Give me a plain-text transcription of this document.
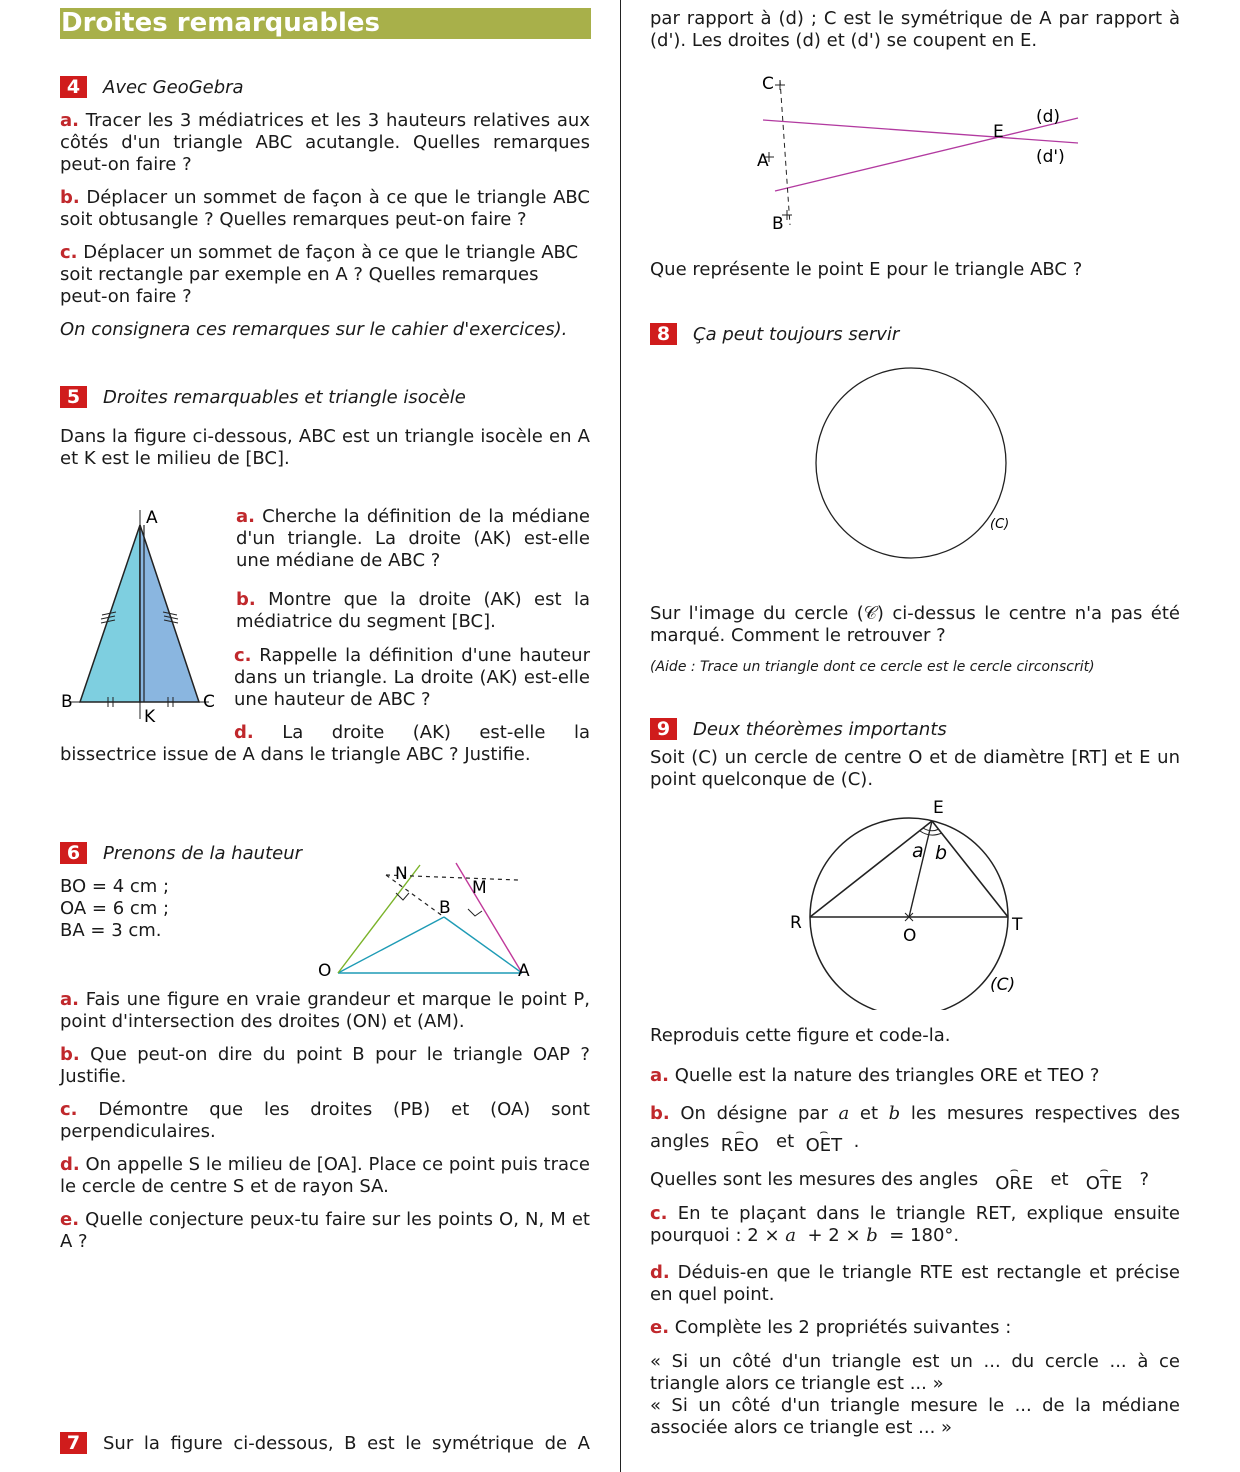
Droites remarquables
4	Avec GeoGebra

a. Tracer les 3 médiatrices et les 3 hauteurs relatives aux côtés d'un triangle ABC acutangle. Quelles remarques peut-on faire ?

b. Déplacer un sommet de façon à ce que le triangle ABC soit obtusangle ? Quelles remarques peut-on faire ?

c. Déplacer un sommet de façon à ce que le triangle ABC soit rectangle par exemple en A ? Quelles remarques peut-on faire ?

On consignera ces remarques sur le cahier d'exercices).

5	Droites remarquables et triangle isocèle

Dans la figure ci-dessous, ABC est un triangle isocèle en A et K est le milieu de [BC].

A
B	C
K

a. Cherche la définition de la médiane d'un triangle. La droite (AK) est-elle une médiane de ABC ?

b. Montre que la droite (AK) est la médiatrice du segment [BC].

c. Rappelle la définition d'une hauteur dans un triangle. La droite (AK) est-elle une hauteur de ABC ?

d. La droite (AK) est-elle la

bissectrice issue de A dans le triangle ABC ? Justifie.

6	Prenons de la hauteur

BO = 4 cm ;

OA = 6 cm ;

BA = 3 cm.

N
M
B
O	A

a. Fais une figure en vraie grandeur et marque le point P, point d'intersection des droites (ON) et (AM).

b. Que peut-on dire du point B pour le triangle OAP ? Justifie.

c. Démontre que les droites (PB) et (OA) sont perpendiculaires.

d. On appelle S le milieu de [OA]. Place ce point puis trace le cercle de centre S et de rayon SA.

e. Quelle conjecture peux-tu faire sur les points O, N, M et A ?

7	Sur la figure ci-dessous, B est le symétrique de A

par rapport à (d) ; C est le symétrique de A par rapport à (d'). Les droites (d) et (d') se coupent en E.

C
A
B
E
(d)
(d')

Que représente le point E pour le triangle ABC ?

8	Ça peut toujours servir
(C)

Sur l'image du cercle (𝒞) ci-dessus le centre n'a pas été marqué. Comment le retrouver ?

(Aide : Trace un triangle dont ce cercle est le cercle circonscrit)

9	Deux théorèmes importants

Soit (C) un cercle de centre O et de diamètre [RT] et E un point quelconque de (C).

E
R	T
O
(C)
a b

Reproduis cette figure et code-la.

a. Quelle est la nature des triangles ORE et TEO ?

b. On désigne par a et b les mesures respectives des

angles ⌢ REO et ⌢ OET .

Quelles sont les mesures des angles ⌢ ORE et ⌢ OTE ?

c. En te plaçant dans le triangle RET, explique ensuite

pourquoi : 2 × a + 2 × b = 180°.

d. Déduis-en que le triangle RTE est rectangle et précise en quel point.

e. Complète les 2 propriétés suivantes :

« Si un côté d'un triangle est un ... du cercle ... à ce triangle alors ce triangle est ... »

« Si un côté d'un triangle mesure le ... de la médiane associée alors ce triangle est ... »
